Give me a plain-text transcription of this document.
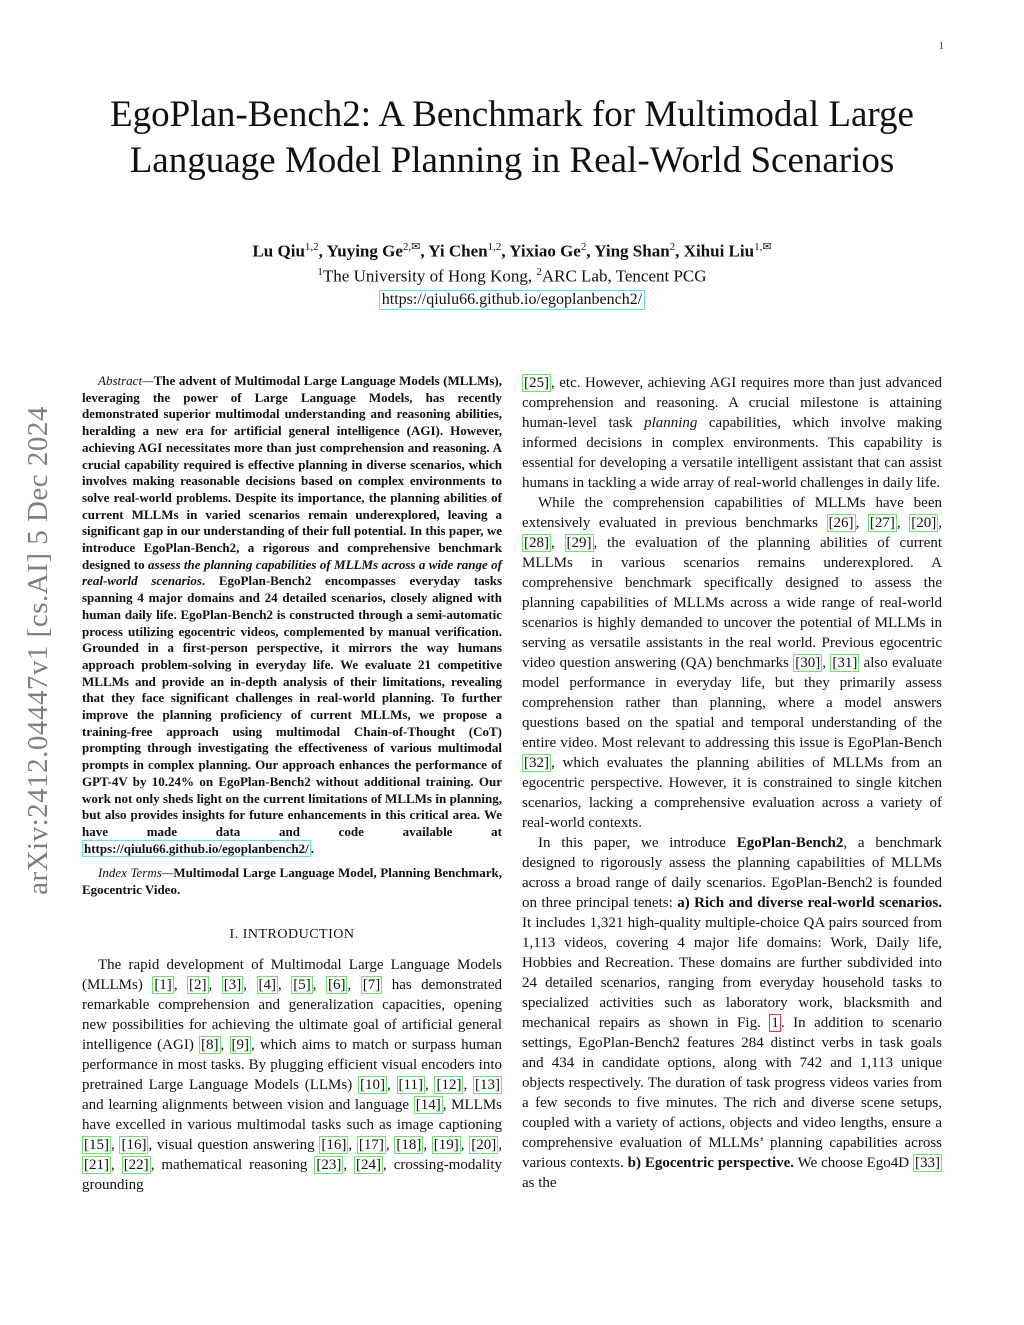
1
arXiv:2412.04447v1 [cs.AI] 5 Dec 2024
EgoPlan-Bench2: A Benchmark for Multimodal Large Language Model Planning in Real-World Scenarios
Lu Qiu$^{1,2}$, Yuying $Ge^{2,✉}$, Yi Chen$^{1,2}$, Yixiao Ge$^2$, Ying Shan$^2$, Xihui Liu$^{1,✉}$
$^1$The University of Hong Kong, $^2$ARC Lab, Tencent PCG
https://qiulu66.github.io/egoplanbench2/
Abstract—The advent of Multimodal Large Language Models (MLLMs), leveraging the power of Large Language Models, has recently demonstrated superior multimodal understanding and reasoning abilities, heralding a new era for artificial general intelligence (AGI). However, achieving AGI necessitates more than just comprehension and reasoning. A crucial capability required is effective planning in diverse scenarios, which involves making reasonable decisions based on complex environments to solve real-world problems. Despite its importance, the planning abilities of current MLLMs in varied scenarios remain underexplored, leaving a significant gap in our understanding of their full potential. In this paper, we introduce EgoPlan-Bench2, a rigorous and comprehensive benchmark designed to assess the planning capabilities of MLLMs across a wide range of real-world scenarios. EgoPlan-Bench2 encompasses everyday tasks spanning 4 major domains and 24 detailed scenarios, closely aligned with human daily life. EgoPlan-Bench2 is constructed through a semi-automatic process utilizing egocentric videos, complemented by manual verification. Grounded in a first-person perspective, it mirrors the way humans approach problem-solving in everyday life. We evaluate 21 competitive MLLMs and provide an in-depth analysis of their limitations, revealing that they face significant challenges in real-world planning. To further improve the planning proficiency of current MLLMs, we propose a training-free approach using multimodal Chain-of-Thought (CoT) prompting through investigating the effectiveness of various multimodal prompts in complex planning. Our approach enhances the performance of GPT-4V by 10.24% on EgoPlan-Bench2 without additional training. Our work not only sheds light on the current limitations of MLLMs in planning, but also provides insights for future enhancements in this critical area. We have made data and code available at https://qiulu66.github.io/egoplanbench2/ .
Index Terms—Multimodal Large Language Model, Planning Benchmark, Egocentric Video.
I. INTRODUCTION

The rapid development of Multimodal Large Language Models (MLLMs) [1] , [2] , [3] , [4] , [5] , [6] , [7] has demonstrated remarkable comprehension and generalization capacities, opening new possibilities for achieving the ultimate goal of artificial general intelligence (AGI) [8] , [9] , which aims to match or surpass human performance in most tasks. By plugging efficient visual encoders into pretrained Large Language Models (LLMs) [10] , [11] , [12] , [13] and learning alignments between vision and language [14] , MLLMs have excelled in various multimodal tasks such as image captioning [15] , [16] , visual question answering [16] , [17] , [18] , [19] , [20] , [21] , [22] , mathematical reasoning [23] , [24] , crossing-modality grounding

[25] , etc. However, achieving AGI requires more than just advanced comprehension and reasoning. A crucial milestone is attaining human-level task planning capabilities, which involve making informed decisions in complex environments. This capability is essential for developing a versatile intelligent assistant that can assist humans in tackling a wide array of real-world challenges in daily life.

While the comprehension capabilities of MLLMs have been extensively evaluated in previous benchmarks [26] , [27] , [20] , [28] , [29] , the evaluation of the planning abilities of current MLLMs in various scenarios remains underexplored. A comprehensive benchmark specifically designed to assess the planning capabilities of MLLMs across a wide range of real-world scenarios is highly demanded to uncover the potential of MLLMs in serving as versatile assistants in the real world. Previous egocentric video question answering (QA) benchmarks [30] , [31] also evaluate model performance in everyday life, but they primarily assess comprehension rather than planning, where a model answers questions based on the spatial and temporal understanding of the entire video. Most relevant to addressing this issue is EgoPlan-Bench [32] , which evaluates the planning abilities of MLLMs from an egocentric perspective. However, it is constrained to single kitchen scenarios, lacking a comprehensive evaluation across a variety of real-world contexts.

In this paper, we introduce EgoPlan-Bench2, a benchmark designed to rigorously assess the planning capabilities of MLLMs across a broad range of daily scenarios. EgoPlan-Bench2 is founded on three principal tenets: a) Rich and diverse real-world scenarios. It includes 1,321 high-quality multiple-choice QA pairs sourced from 1,113 videos, covering 4 major life domains: Work, Daily life, Hobbies and Recreation. These domains are further subdivided into 24 detailed scenarios, ranging from everyday household tasks to specialized activities such as laboratory work, blacksmith and mechanical repairs as shown in Fig. 1 . In addition to scenario settings, EgoPlan-Bench2 features 284 distinct verbs in task goals and 434 in candidate options, along with 742 and 1,113 unique objects respectively. The duration of task progress videos varies from a few seconds to five minutes. The rich and diverse scene setups, coupled with a variety of actions, objects and video lengths, ensure a comprehensive evaluation of MLLMs’ planning capabilities across various contexts. b) Egocentric perspective. We choose Ego4D [33] as the
